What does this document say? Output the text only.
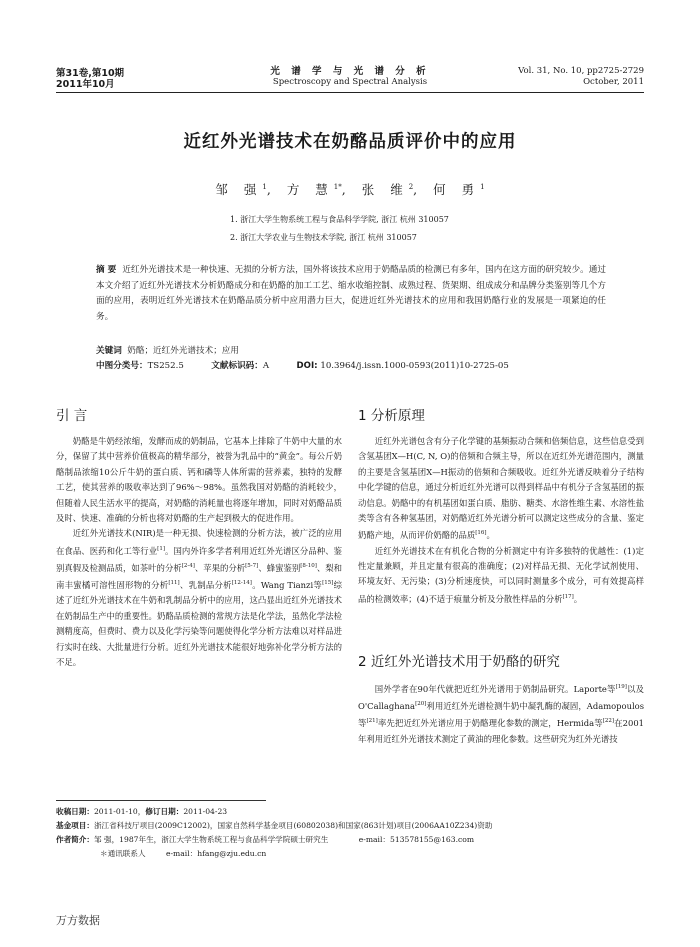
第31卷,第10期
2011年10月
光 谱 学 与 光 谱 分 析
Spectroscopy and Spectral Analysis
Vol. 31, No. 10, pp2725-2729
October, 2011
近红外光谱技术在奶酪品质评价中的应用
邹 强$^1$, 方 慧$^{1*}$, 张 维$^2$, 何 勇$^1$
1. 浙江大学生物系统工程与食品科学学院, 浙江 杭州 310057
2. 浙江大学农业与生物技术学院, 浙江 杭州 310057
摘 要 近红外光谱技术是一种快速、无损的分析方法，国外将该技术应用于奶酪品质的检测已有多年，国内在这方面的研究较少。通过本文介绍了近红外光谱技术分析奶酪成分和在奶酪的加工工艺、缩水收缩控制、成熟过程、货架期、组成成分和品牌分类鉴别等几个方面的应用，表明近红外光谱技术在奶酪品质分析中应用潜力巨大，促进近红外光谱技术的应用和我国奶酪行业的发展是一项紧迫的任务。
关键词 奶酪；近红外光谱技术；应用
中图分类号：TS252.5	文献标识码：A	DOI: 10.3964/j.issn.1000-0593(2011)10-2725-05
引 言

奶酪是牛奶经浓缩，发酵而成的奶制品，它基本上排除了牛奶中大量的水分，保留了其中营养价值极高的精华部分，被誉为乳品中的“黄金”。每公斤奶酪制品浓缩10公斤牛奶的蛋白质、钙和磷等人体所需的营养素，独特的发酵工艺，使其营养的吸收率达到了96%～98%。虽然我国对奶酪的消耗较少，但随着人民生活水平的提高，对奶酪的消耗量也将逐年增加，同时对奶酪品质及时、快速、准确的分析也将对奶酪的生产起到极大的促进作用。

近红外光谱技术(NIR)是一种无损、快速检测的分析方法，被广泛的应用在食品、医药和化工等行业[1]。国内外许多学者利用近红外光谱区分品种、鉴别真假及检测品质，如茶叶的分析[2-4]、苹果的分析[5-7]、蜂蜜鉴别[8-10]、梨和南丰蜜橘可溶性固形物的分析[11]、乳制品分析[12-14]。Wang Tianzi等[15]综述了近红外光谱技术在牛奶和乳制品分析中的应用，这凸显出近红外光谱技术在奶制品生产中的重要性。奶酪品质检测的常规方法是化学法，虽然化学法检测精度高，但费时、费力以及化学污染等问题使得化学分析方法难以对样品进行实时在线、大批量进行分析。近红外光谱技术能很好地弥补化学分析方法的不足。

1 分析原理

近红外光谱包含有分子化学键的基频振动合频和倍频信息，这些信息受到含氢基团X—H(C, N, O)的倍频和合频主导，所以在近红外光谱范围内，测量的主要是含氢基团X—H振动的倍频和合频吸收。近红外光谱反映着分子结构中化学键的信息，通过分析近红外光谱可以得到样品中有机分子含氢基团的振动信息。奶酪中的有机基团如蛋白质、脂肪、糖类、水溶性维生素、水溶性盐类等含有各种氢基团，对奶酪近红外光谱分析可以测定这些成分的含量、鉴定奶酪产地，从而评价奶酪的品质[16]。

近红外光谱技术在有机化合物的分析测定中有许多独特的优越性：(1)定性定量兼顾，并且定量有很高的准确度；(2)对样品无损、无化学试剂使用、环境友好、无污染；(3)分析速度快，可以同时测量多个成分，可有效提高样品的检测效率；(4)不适于痕量分析及分散性样品的分析[17]。

2 近红外光谱技术用于奶酪的研究

国外学者在90年代就把近红外光谱用于奶制品研究。Laporte等[19]以及O'Callaghana[20]利用近红外光谱检测牛奶中凝乳酶的凝固，Adamopoulos等[21]率先把近红外光谱应用于奶酪理化参数的测定，Hermida等[22]在2001年利用近红外光谱技术测定了黄油的理化参数。这些研究为红外光谱技

收稿日期：2011-01-10，修订日期：2011-04-23
基金项目：浙江省科技厅项目(2009C12002)，国家自然科学基金项目(60802038)和国家(863计划)项目(2006AA10Z234)资助
作者简介：邹 强，1987年生，浙江大学生物系统工程与食品科学学院硕士研究生	e-mail：513578155@163.com
＊通讯联系人	e-mail：hfang@zju.edu.cn
万方数据
